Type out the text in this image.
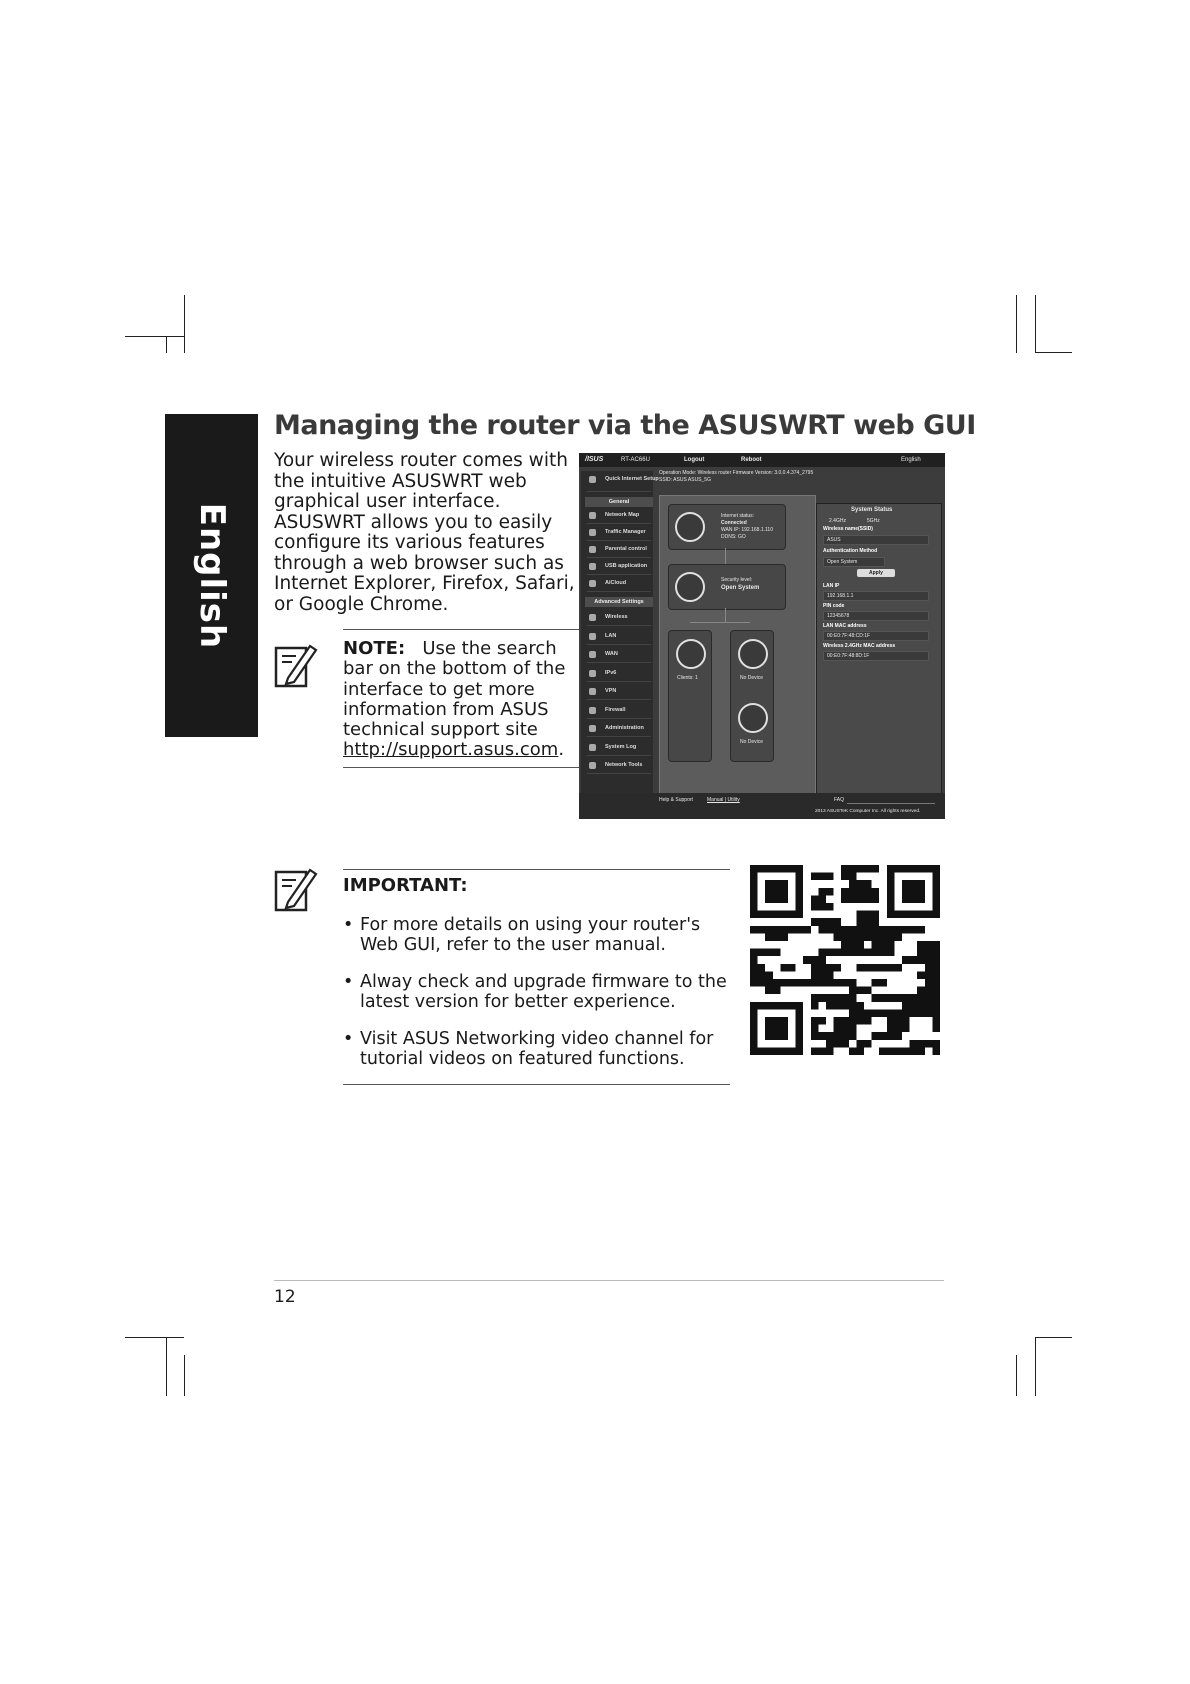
English
Managing the router via the ASUSWRT web GUI
Your wireless router comes with the intuitive ASUSWRT web graphical user interface. ASUSWRT allows you to easily configure its various features through a web browser such as Internet Explorer, Firefox, Safari, or Google Chrome.
NOTE: Use the search bar on the bottom of the interface to get more information from ASUS technical support site http://support.asus.com.
/ISUS	RT-AC66U	Logout	Reboot	English
Operation Mode: Wireless router Firmware Version: 3.0.0.4.374_2795
SSID: ASUS ASUS_5G
Quick Internet Setup
General
Network Map
Traffic Manager
Parental control
USB application
AiCloud
Advanced Settings
Wireless
LAN
WAN
IPv6
VPN
Firewall
Administration
System Log
Network Tools
Internet status:
Connected
WAN IP: 192.168.1.110
DDNS: GO
Security level:
Open System
Clients: 1	No Device
No Device
System Status
2.4GHz	5GHz
Wireless name(SSID)
ASUS
Authentication Method
Open System
Apply
LAN IP
192.168.1.1
PIN code
12345678
LAN MAC address
00:E0:7F:48:CD:1F
Wireless 2.4GHz MAC address
00:E0:7F:48:8D:1F
Help & Support	Manual | Utility	FAQ
2013 ASUSTeK Computer Inc. All rights reserved.
IMPORTANT:
• For more details on using your router's Web GUI, refer to the user manual.
• Alway check and upgrade firmware to the latest version for better experience.
• Visit ASUS Networking video channel for tutorial videos on featured functions.
12
